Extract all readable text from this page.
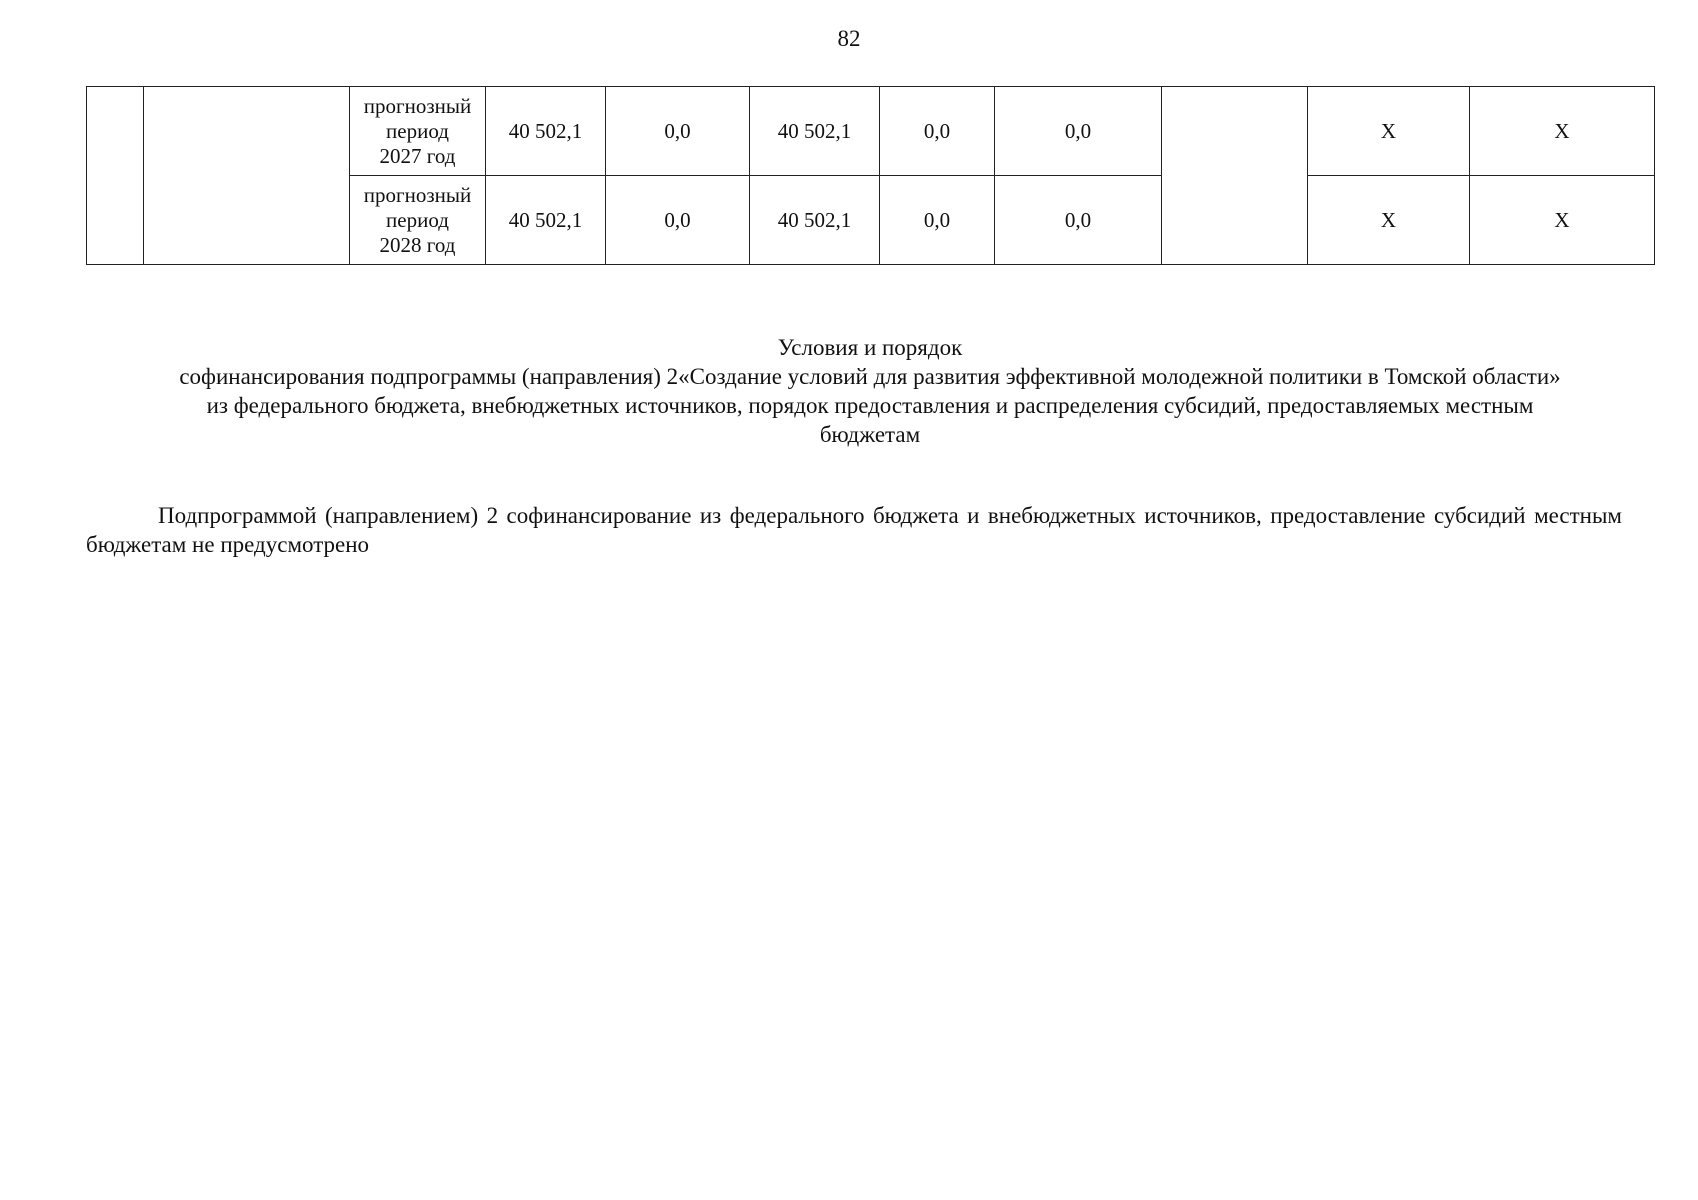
82

		прогнозный
период
2027 год	40 502,1	0,0	40 502,1	0,0	0,0		X	X

		прогнозный
период
2028 год	40 502,1	0,0	40 502,1	0,0	0,0		X	X
Условия и порядок
софинансирования подпрограммы (направления) 2«Создание условий для развития эффективной молодежной политики в Томской области»
из федерального бюджета, внебюджетных источников, порядок предоставления и распределения субсидий, предоставляемых местным
бюджетам

Подпрограммой (направлением) 2 софинансирование из федерального бюджета и внебюджетных источников, предоставление субсидий местным бюджетам не предусмотрено
